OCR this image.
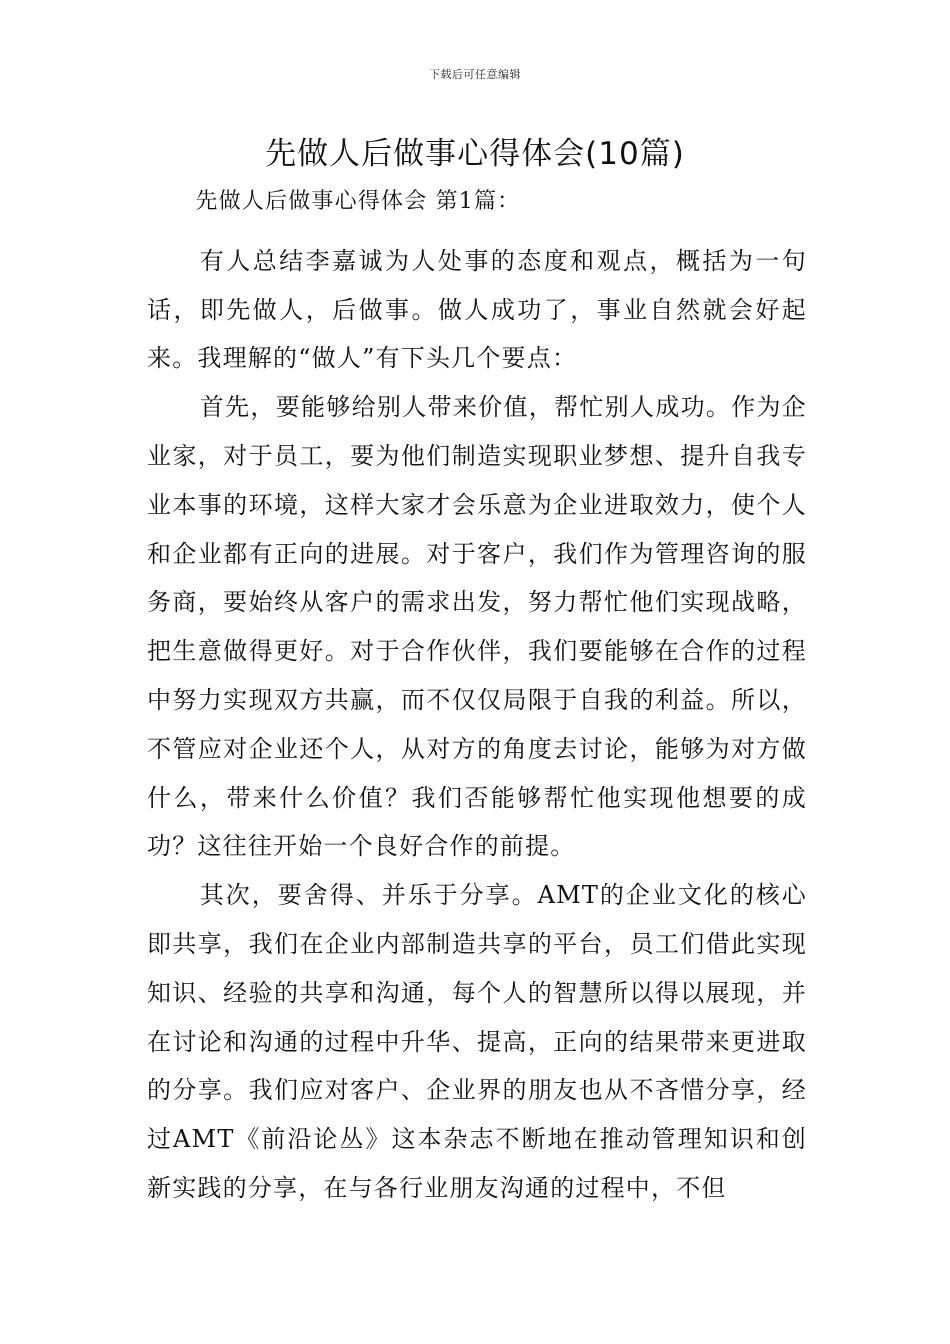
下载后可任意编辑
先做人后做事心得体会(10篇)
先做人后做事心得体会 第1篇：

有人总结李嘉诚为人处事的态度和观点，概括为一句话，即先做人，后做事。做人成功了，事业自然就会好起来。我理解的“做人”有下头几个要点：

首先，要能够给别人带来价值，帮忙别人成功。作为企业家，对于员工，要为他们制造实现职业梦想、提升自我专业本事的环境，这样大家才会乐意为企业进取效力，使个人和企业都有正向的进展。对于客户，我们作为管理咨询的服务商，要始终从客户的需求出发，努力帮忙他们实现战略，把生意做得更好。对于合作伙伴，我们要能够在合作的过程中努力实现双方共赢，而不仅仅局限于自我的利益。所以，不管应对企业还个人，从对方的角度去讨论，能够为对方做什么，带来什么价值？我们否能够帮忙他实现他想要的成功？这往往开始一个良好合作的前提。

其次，要舍得、并乐于分享。AMT的企业文化的核心即共享，我们在企业内部制造共享的平台，员工们借此实现知识、经验的共享和沟通，每个人的智慧所以得以展现，并在讨论和沟通的过程中升华、提高，正向的结果带来更进取的分享。我们应对客户、企业界的朋友也从不吝惜分享，经过AMT《前沿论丛》这本杂志不断地在推动管理知识和创新实践的分享，在与各行业朋友沟通的过程中，不但
